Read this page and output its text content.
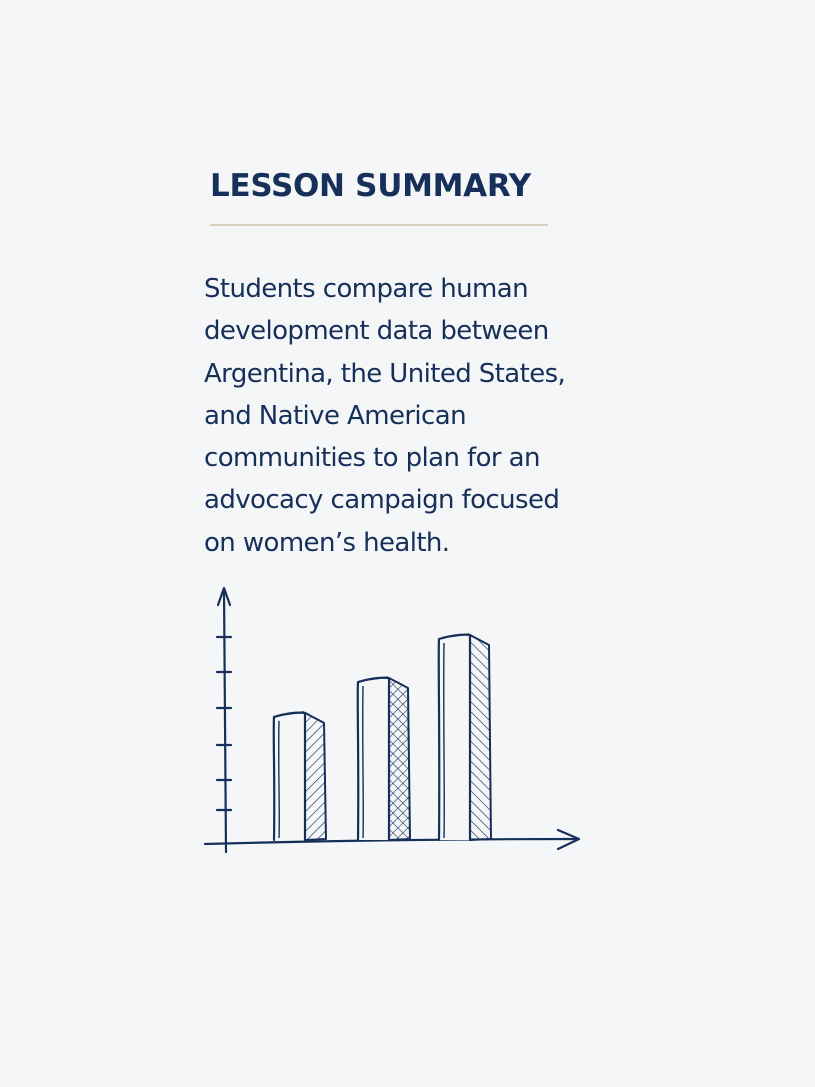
LESSON SUMMARY

Students compare human
development data between
Argentina, the United States,
and Native American
communities to plan for an
advocacy campaign focused
on women’s health.
